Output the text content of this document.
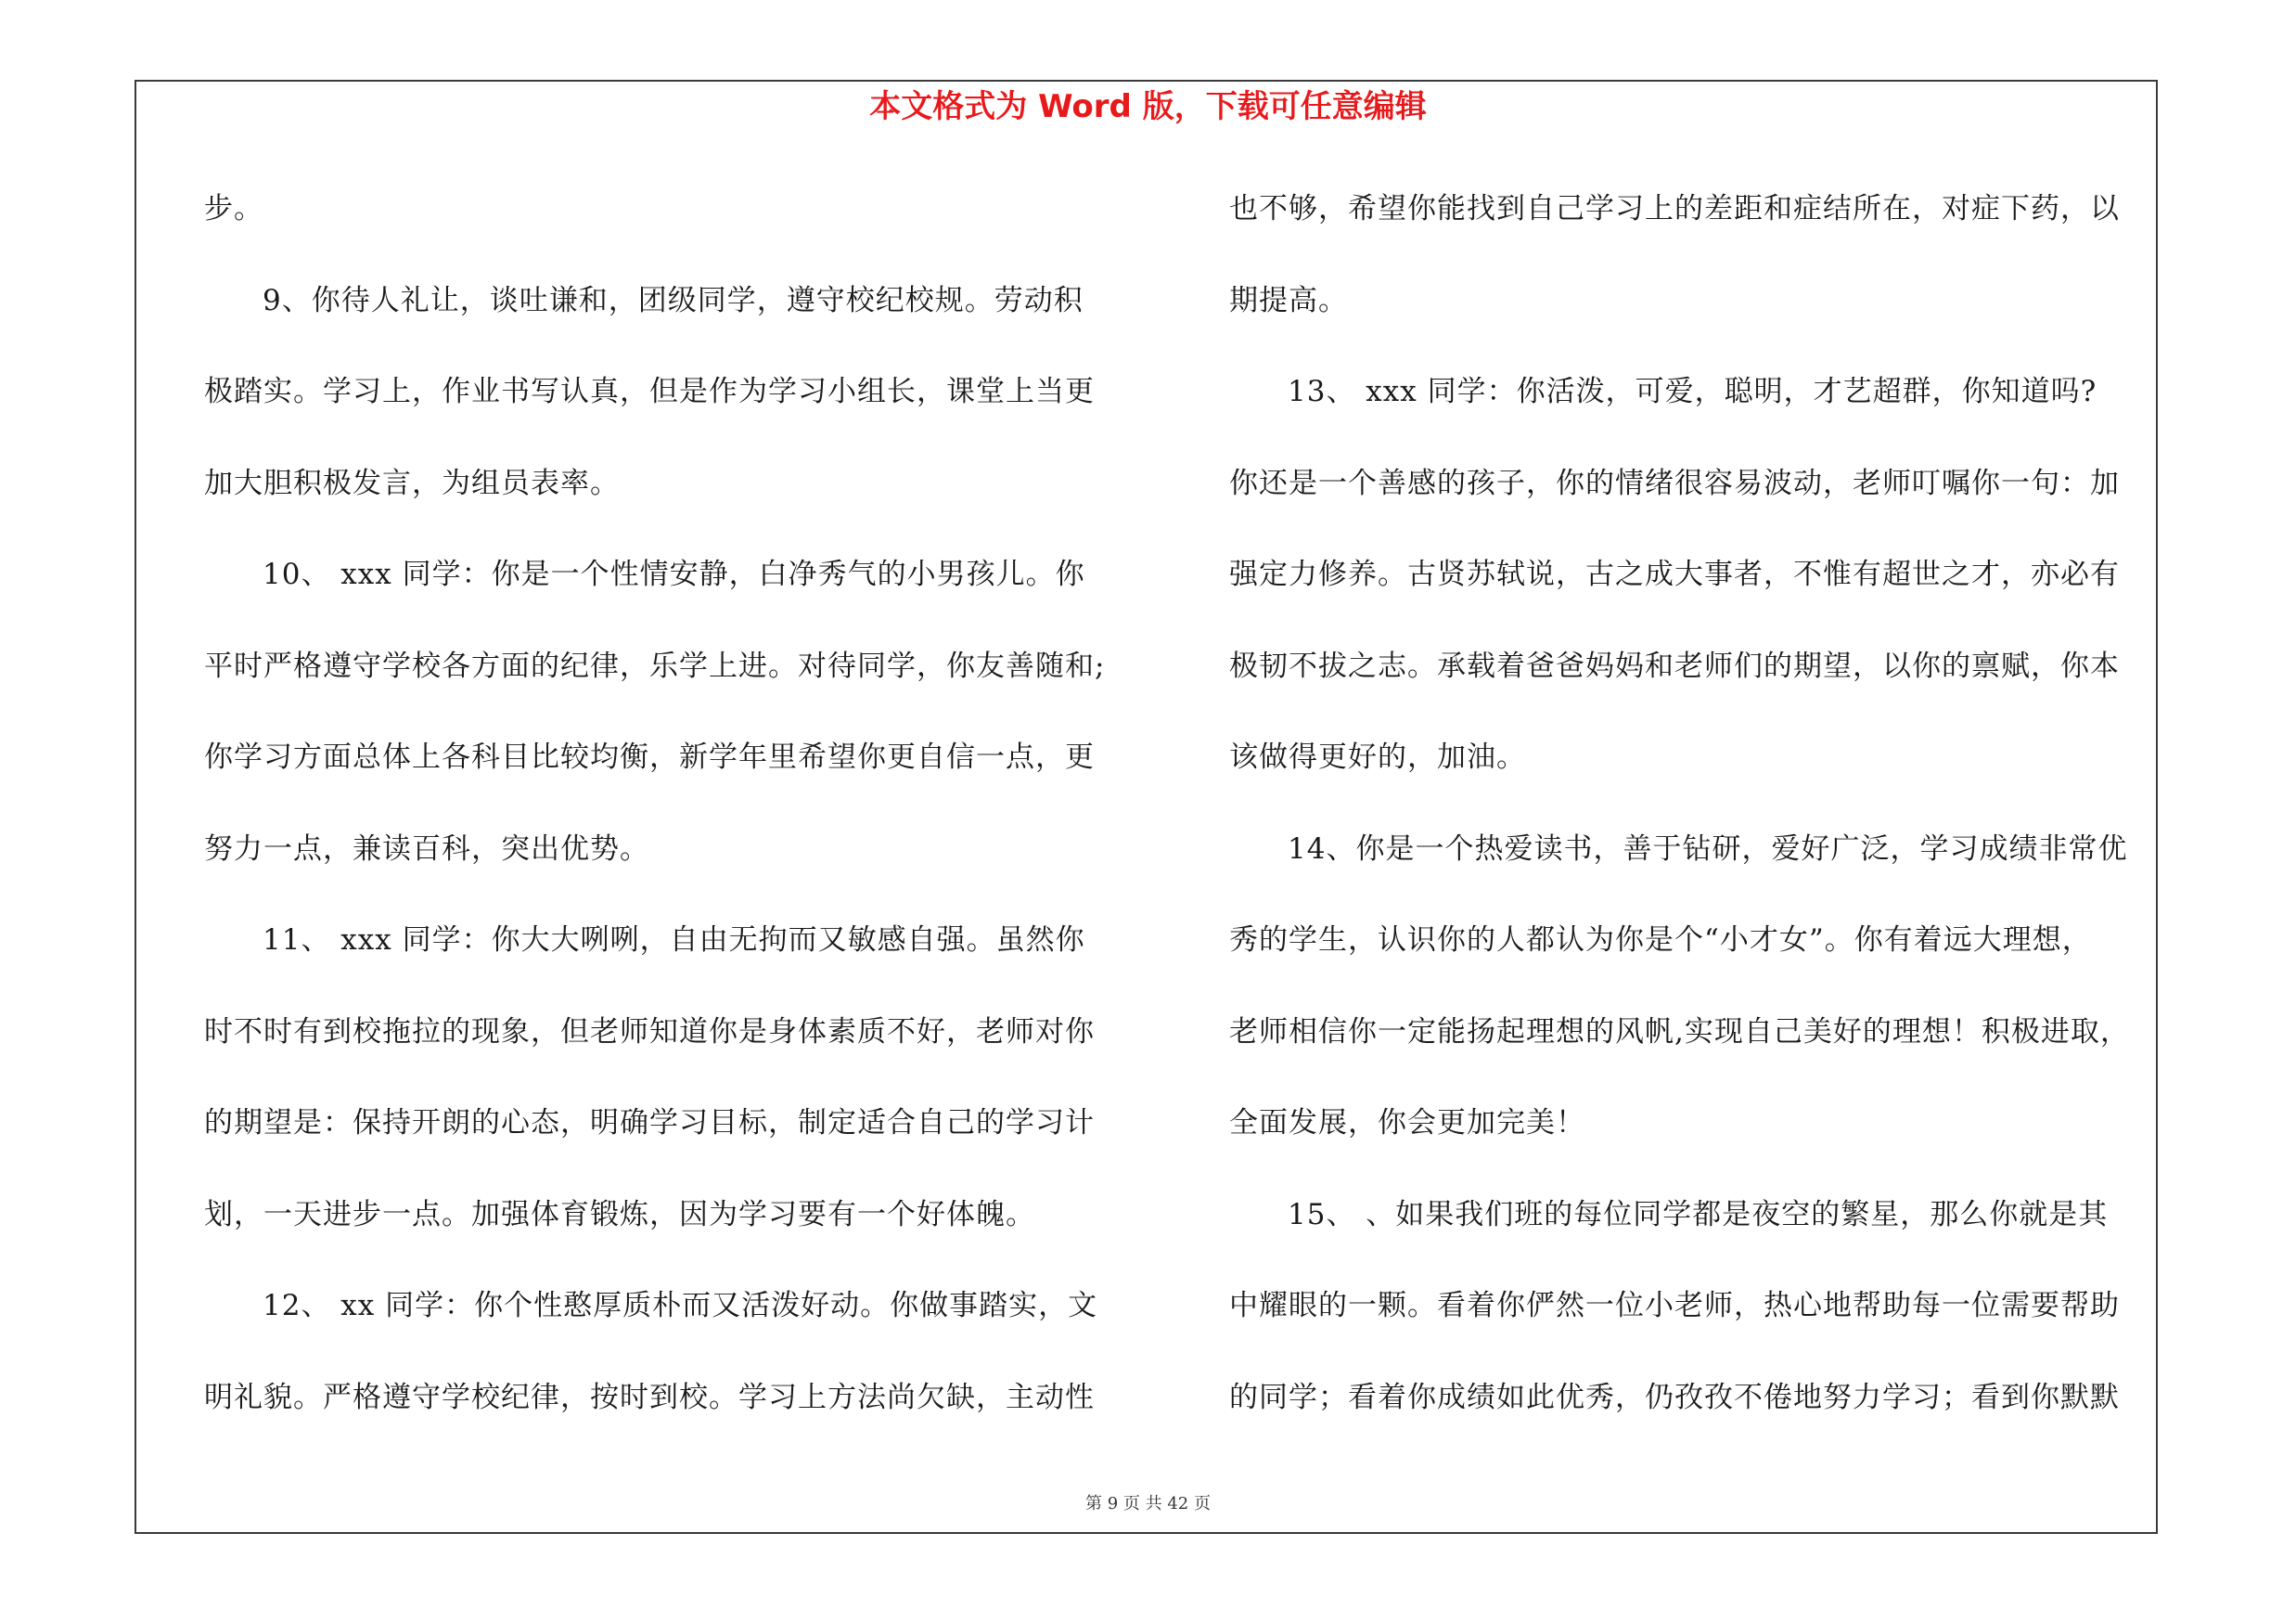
本文格式为 Word 版，下载可任意编辑
步。
9、你待人礼让，谈吐谦和，团级同学，遵守校纪校规。劳动积
极踏实。学习上，作业书写认真，但是作为学习小组长，课堂上当更
加大胆积极发言，为组员表率。
10、 xxx 同学：你是一个性情安静，白净秀气的小男孩儿。你
平时严格遵守学校各方面的纪律，乐学上进。对待同学，你友善随和;
你学习方面总体上各科目比较均衡，新学年里希望你更自信一点，更
努力一点，兼读百科，突出优势。
11、 xxx 同学：你大大咧咧，自由无拘而又敏感自强。虽然你
时不时有到校拖拉的现象，但老师知道你是身体素质不好，老师对你
的期望是：保持开朗的心态，明确学习目标，制定适合自己的学习计
划，一天进步一点。加强体育锻炼，因为学习要有一个好体魄。
12、 xx 同学：你个性憨厚质朴而又活泼好动。你做事踏实，文
明礼貌。严格遵守学校纪律，按时到校。学习上方法尚欠缺，主动性
也不够，希望你能找到自己学习上的差距和症结所在，对症下药，以
期提高。
13、 xxx 同学：你活泼，可爱，聪明，才艺超群，你知道吗?
你还是一个善感的孩子，你的情绪很容易波动，老师叮嘱你一句：加
强定力修养。古贤苏轼说，古之成大事者，不惟有超世之才，亦必有
极韧不拔之志。承载着爸爸妈妈和老师们的期望，以你的禀赋，你本
该做得更好的，加油。
14、你是一个热爱读书，善于钻研，爱好广泛，学习成绩非常优
秀的学生，认识你的人都认为你是个“小才女”。你有着远大理想，
老师相信你一定能扬起理想的风帆,实现自己美好的理想！积极进取，
全面发展，你会更加完美！
15、 、如果我们班的每位同学都是夜空的繁星，那么你就是其
中耀眼的一颗。看着你俨然一位小老师，热心地帮助每一位需要帮助
的同学；看着你成绩如此优秀，仍孜孜不倦地努力学习；看到你默默
第 9 页 共 42 页
